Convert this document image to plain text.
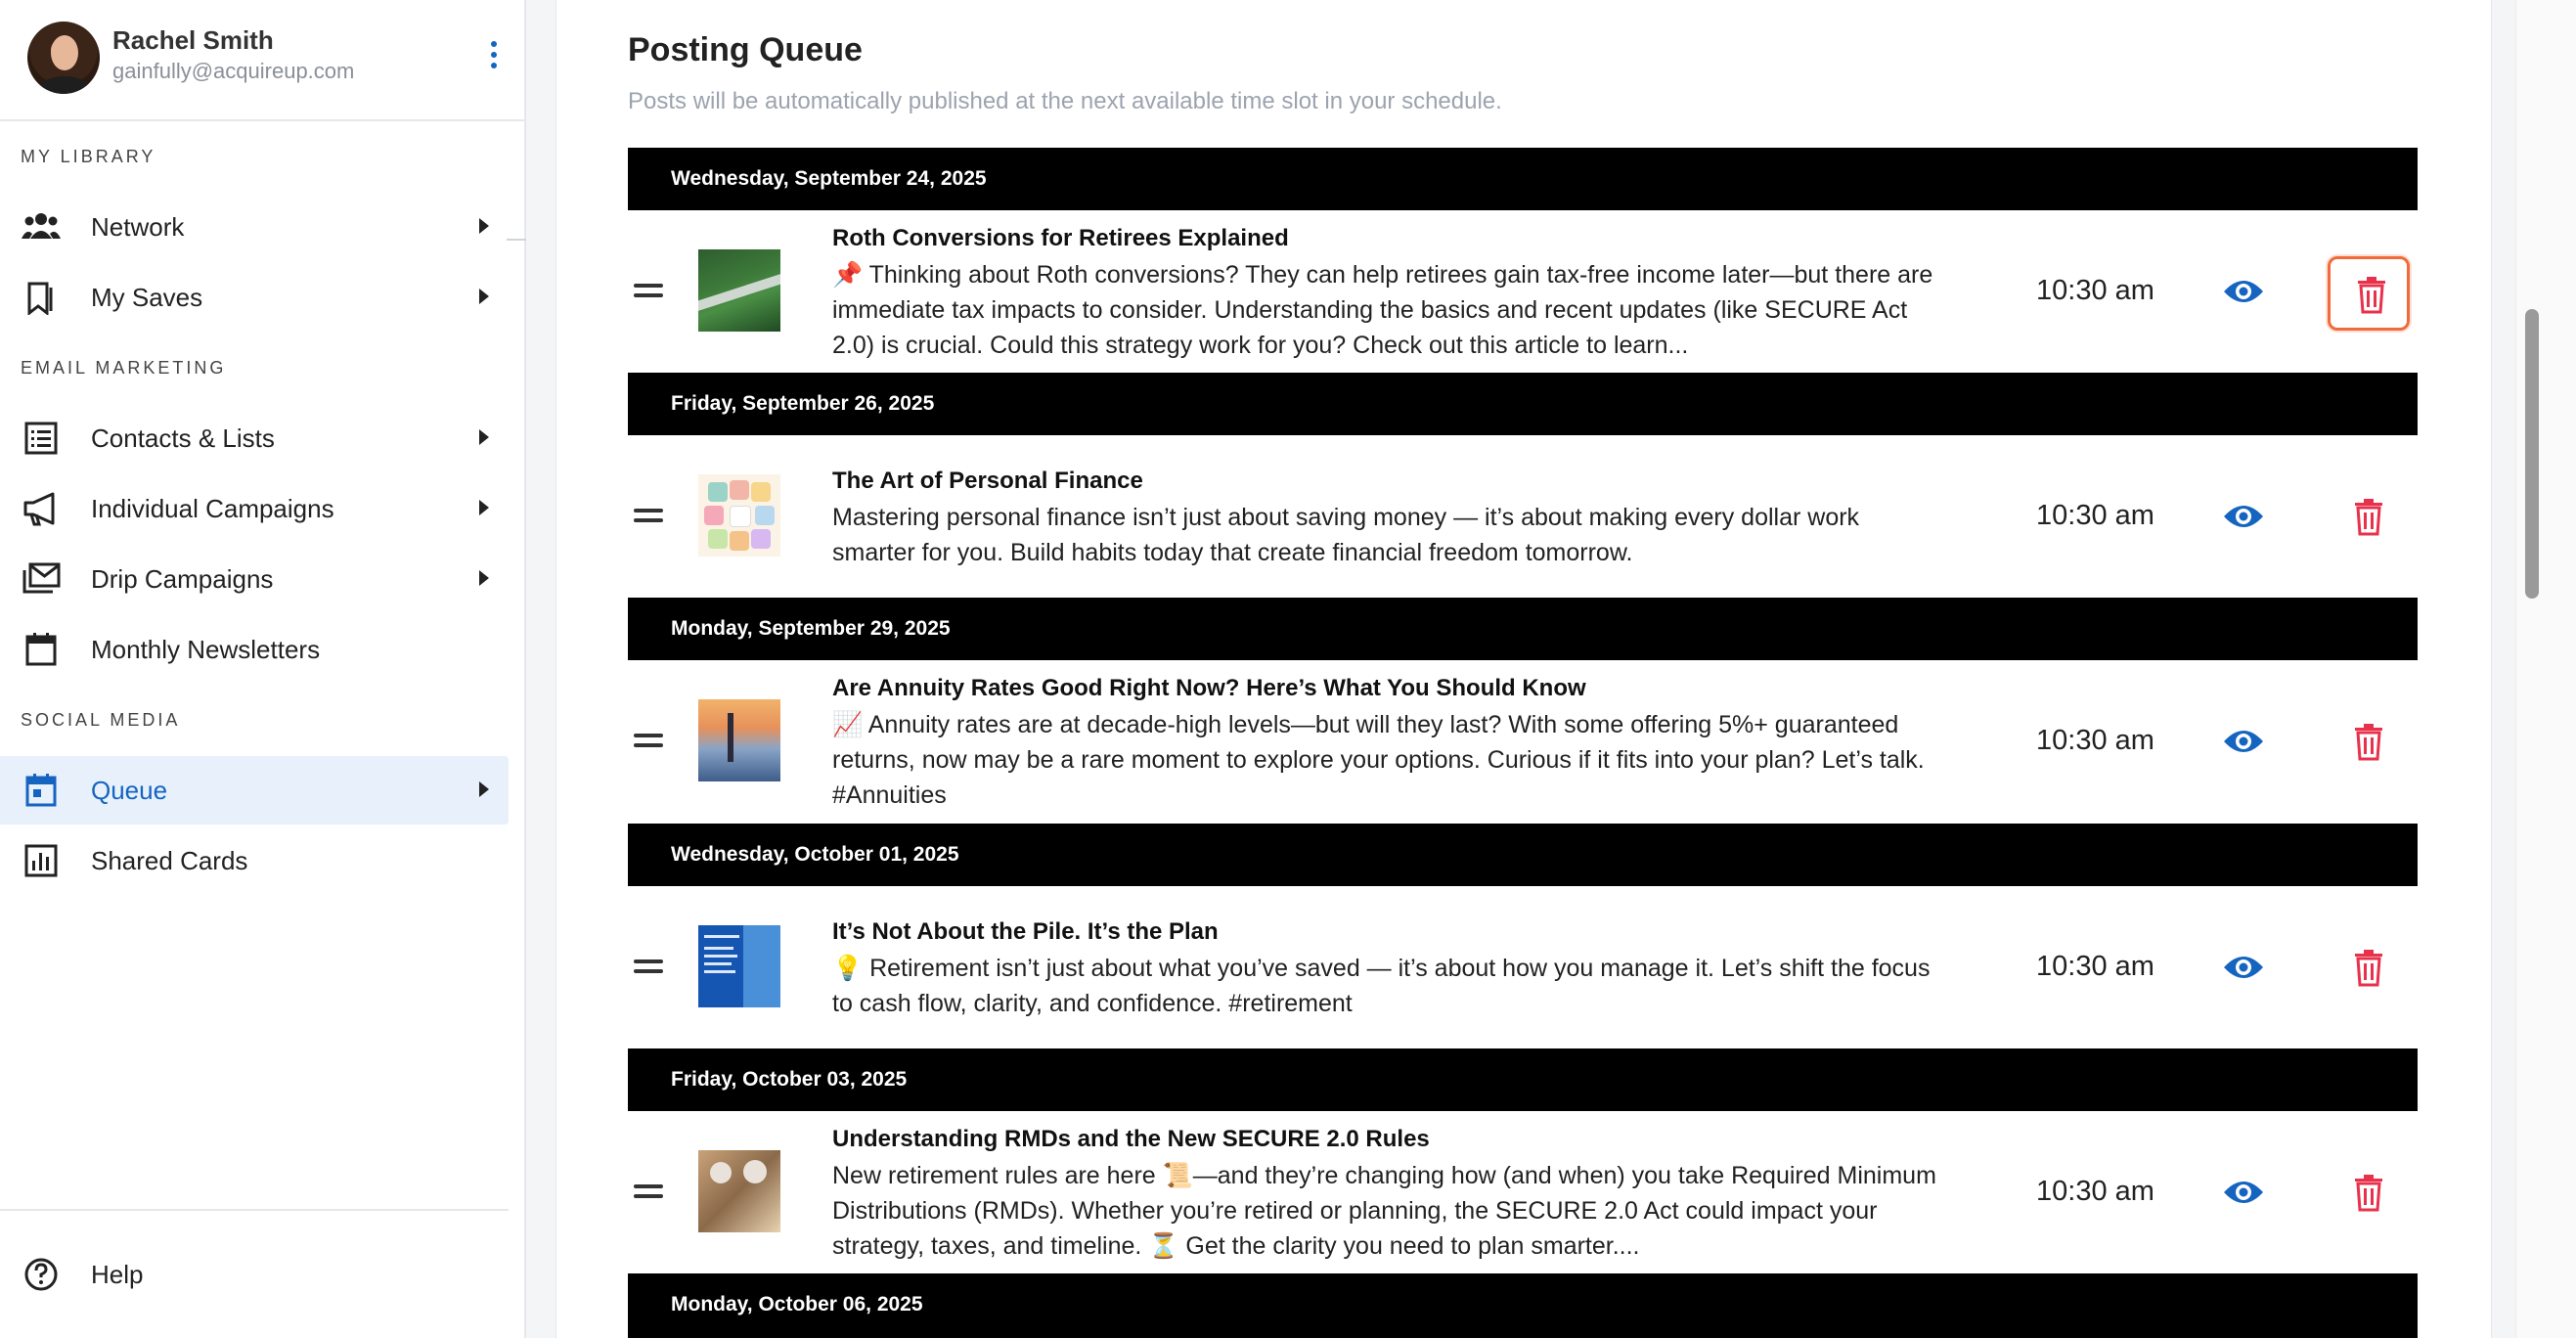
Rachel Smith
gainfully@acquireup.com
MY LIBRARY
Network
My Saves
EMAIL MARKETING
Contacts & Lists
Individual Campaigns
Drip Campaigns
Monthly Newsletters
SOCIAL MEDIA
Queue
Shared Cards
Help
Posting Queue
Posts will be automatically published at the next available time slot in your schedule.
Wednesday, September 24, 2025
Roth Conversions for Retirees Explained
📌 Thinking about Roth conversions? They can help retirees gain tax-free income later—but there are immediate tax impacts to consider. Understanding the basics and recent updates (like SECURE Act 2.0) is crucial. Could this strategy work for you? Check out this article to learn...
10:30 am
Friday, September 26, 2025
The Art of Personal Finance
Mastering personal finance isn’t just about saving money — it’s about making every dollar work smarter for you. Build habits today that create financial freedom tomorrow.
10:30 am
Monday, September 29, 2025
Are Annuity Rates Good Right Now? Here’s What You Should Know
📈 Annuity rates are at decade-high levels—but will they last? With some offering 5%+ guaranteed returns, now may be a rare moment to explore your options. Curious if it fits into your plan? Let’s talk. #Annuities
10:30 am
Wednesday, October 01, 2025
It’s Not About the Pile. It’s the Plan
💡 Retirement isn’t just about what you’ve saved — it’s about how you manage it. Let’s shift the focus to cash flow, clarity, and confidence. #retirement
10:30 am
Friday, October 03, 2025
Understanding RMDs and the New SECURE 2.0 Rules
New retirement rules are here 📜—and they’re changing how (and when) you take Required Minimum Distributions (RMDs). Whether you’re retired or planning, the SECURE 2.0 Act could impact your strategy, taxes, and timeline. ⏳ Get the clarity you need to plan smarter....
10:30 am
Monday, October 06, 2025
